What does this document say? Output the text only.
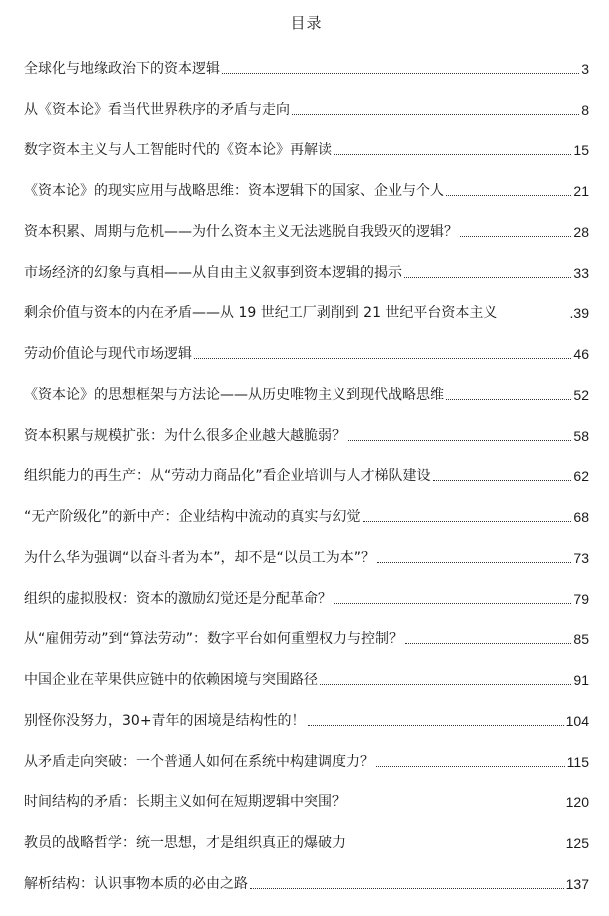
目录
全球化与地缘政治下的资本逻辑	3
从《资本论》看当代世界秩序的矛盾与走向	8
数字资本主义与人工智能时代的《资本论》再解读	15
《资本论》的现实应用与战略思维：资本逻辑下的国家、企业与个人	21
资本积累、周期与危机——为什么资本主义无法逃脱自我毁灭的逻辑？	28
市场经济的幻象与真相——从自由主义叙事到资本逻辑的揭示	33
剩余价值与资本的内在矛盾——从 19 世纪工厂剥削到 21 世纪平台资本主义	.39
劳动价值论与现代市场逻辑	46
《资本论》的思想框架与方法论——从历史唯物主义到现代战略思维	52
资本积累与规模扩张：为什么很多企业越大越脆弱？	58
组织能力的再生产：从“劳动力商品化”看企业培训与人才梯队建设	62
“无产阶级化”的新中产：企业结构中流动的真实与幻觉	68
为什么华为强调“以奋斗者为本”，却不是“以员工为本”？	73
组织的虚拟股权：资本的激励幻觉还是分配革命？	79
从“雇佣劳动”到“算法劳动”：数字平台如何重塑权力与控制？	85
中国企业在苹果供应链中的依赖困境与突围路径	91
别怪你没努力，30+青年的困境是结构性的！	104
从矛盾走向突破：一个普通人如何在系统中构建调度力？	115
时间结构的矛盾：长期主义如何在短期逻辑中突围？	120
教员的战略哲学：统一思想，才是组织真正的爆破力	125
解析结构：认识事物本质的必由之路	137
